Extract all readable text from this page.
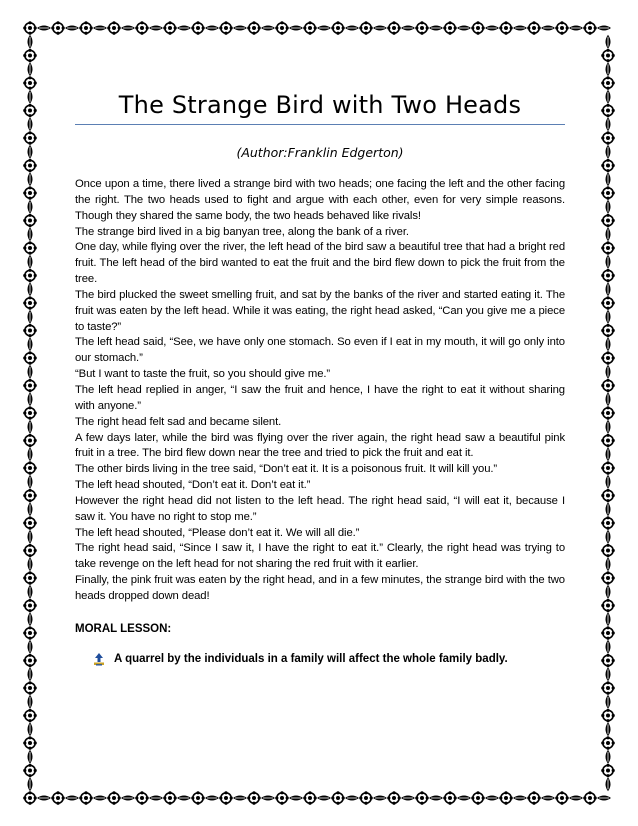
The Strange Bird with Two Heads
(Author:Franklin Edgerton)

Once upon a time, there lived a strange bird with two heads; one facing the left and the other facing the right. The two heads used to fight and argue with each other, even for very simple reasons. Though they shared the same body, the two heads behaved like rivals!

The strange bird lived in a big banyan tree, along the bank of a river.

One day, while flying over the river, the left head of the bird saw a beautiful tree that had a bright red fruit. The left head of the bird wanted to eat the fruit and the bird flew down to pick the fruit from the tree.

The bird plucked the sweet smelling fruit, and sat by the banks of the river and started eating it. The fruit was eaten by the left head. While it was eating, the right head asked, “Can you give me a piece to taste?”

The left head said, “See, we have only one stomach. So even if I eat in my mouth, it will go only into our stomach.”

“But I want to taste the fruit, so you should give me.”

The left head replied in anger, “I saw the fruit and hence, I have the right to eat it without sharing with anyone.”

The right head felt sad and became silent.

A few days later, while the bird was flying over the river again, the right head saw a beautiful pink fruit in a tree. The bird flew down near the tree and tried to pick the fruit and eat it.

The other birds living in the tree said, “Don’t eat it. It is a poisonous fruit. It will kill you.”

The left head shouted, “Don’t eat it. Don’t eat it.”

However the right head did not listen to the left head. The right head said, “I will eat it, because I saw it. You have no right to stop me.”

The left head shouted, “Please don’t eat it. We will all die.”

The right head said, “Since I saw it, I have the right to eat it.” Clearly, the right head was trying to take revenge on the left head for not sharing the red fruit with it earlier.

Finally, the pink fruit was eaten by the right head, and in a few minutes, the strange bird with the two heads dropped down dead!

MORAL LESSON:

A quarrel by the individuals in a family will affect the whole family badly.
